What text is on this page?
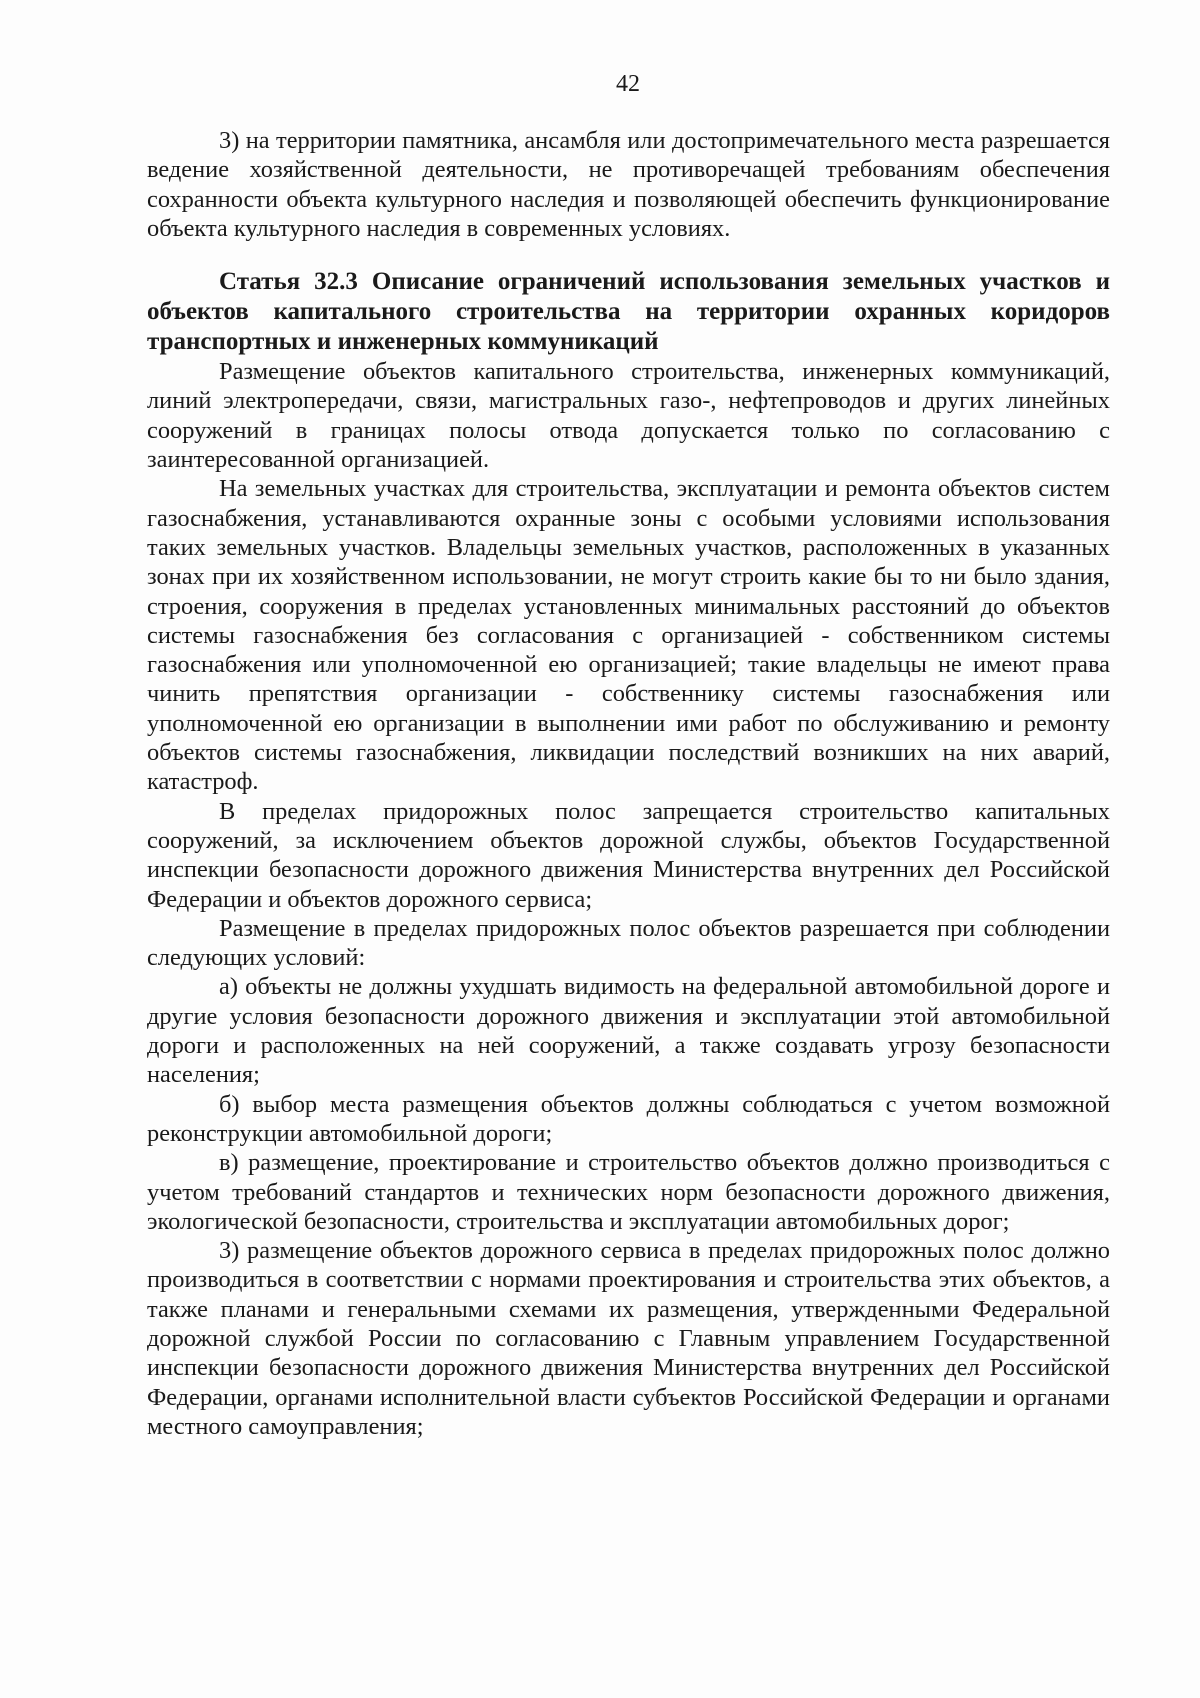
42

3) на территории памятника, ансамбля или достопримечательного места разрешается ведение хозяйственной деятельности, не противоречащей требованиям обеспечения сохранности объекта культурного наследия и позволяющей обеспечить функционирование объекта культурного наследия в современных условиях.

Статья 32.3 Описание ограничений использования земельных участков и объектов капитального строительства на территории охранных коридоров транспортных и инженерных коммуникаций

Размещение объектов капитального строительства, инженерных коммуникаций, линий электропередачи, связи, магистральных газо-, нефтепроводов и других линейных сооружений в границах полосы отвода допускается только по согласованию с заинтересованной организацией.

На земельных участках для строительства, эксплуатации и ремонта объектов систем газоснабжения, устанавливаются охранные зоны с особыми условиями использования таких земельных участков. Владельцы земельных участков, расположенных в указанных зонах при их хозяйственном использовании, не могут строить какие бы то ни было здания, строения, сооружения в пределах установленных минимальных расстояний до объектов системы газоснабжения без согласования с организацией - собственником системы газоснабжения или уполномоченной ею организацией; такие владельцы не имеют права чинить препятствия организации - собственнику системы газоснабжения или уполномоченной ею организации в выполнении ими работ по обслуживанию и ремонту объектов системы газоснабжения, ликвидации последствий возникших на них аварий, катастроф.

В пределах придорожных полос запрещается строительство капитальных сооружений, за исключением объектов дорожной службы, объектов Государственной инспекции безопасности дорожного движения Министерства внутренних дел Российской Федерации и объектов дорожного сервиса;

Размещение в пределах придорожных полос объектов разрешается при соблюдении следующих условий:

а) объекты не должны ухудшать видимость на федеральной автомобильной дороге и другие условия безопасности дорожного движения и эксплуатации этой автомобильной дороги и расположенных на ней сооружений, а также создавать угрозу безопасности населения;

б) выбор места размещения объектов должны соблюдаться с учетом возможной реконструкции автомобильной дороги;

в) размещение, проектирование и строительство объектов должно производиться с учетом требований стандартов и технических норм безопасности дорожного движения, экологической безопасности, строительства и эксплуатации автомобильных дорог;

3) размещение объектов дорожного сервиса в пределах придорожных полос должно производиться в соответствии с нормами проектирования и строительства этих объектов, а также планами и генеральными схемами их размещения, утвержденными Федеральной дорожной службой России по согласованию с Главным управлением Государственной инспекции безопасности дорожного движения Министерства внутренних дел Российской Федерации, органами исполнительной власти субъектов Российской Федерации и органами местного самоуправления;
